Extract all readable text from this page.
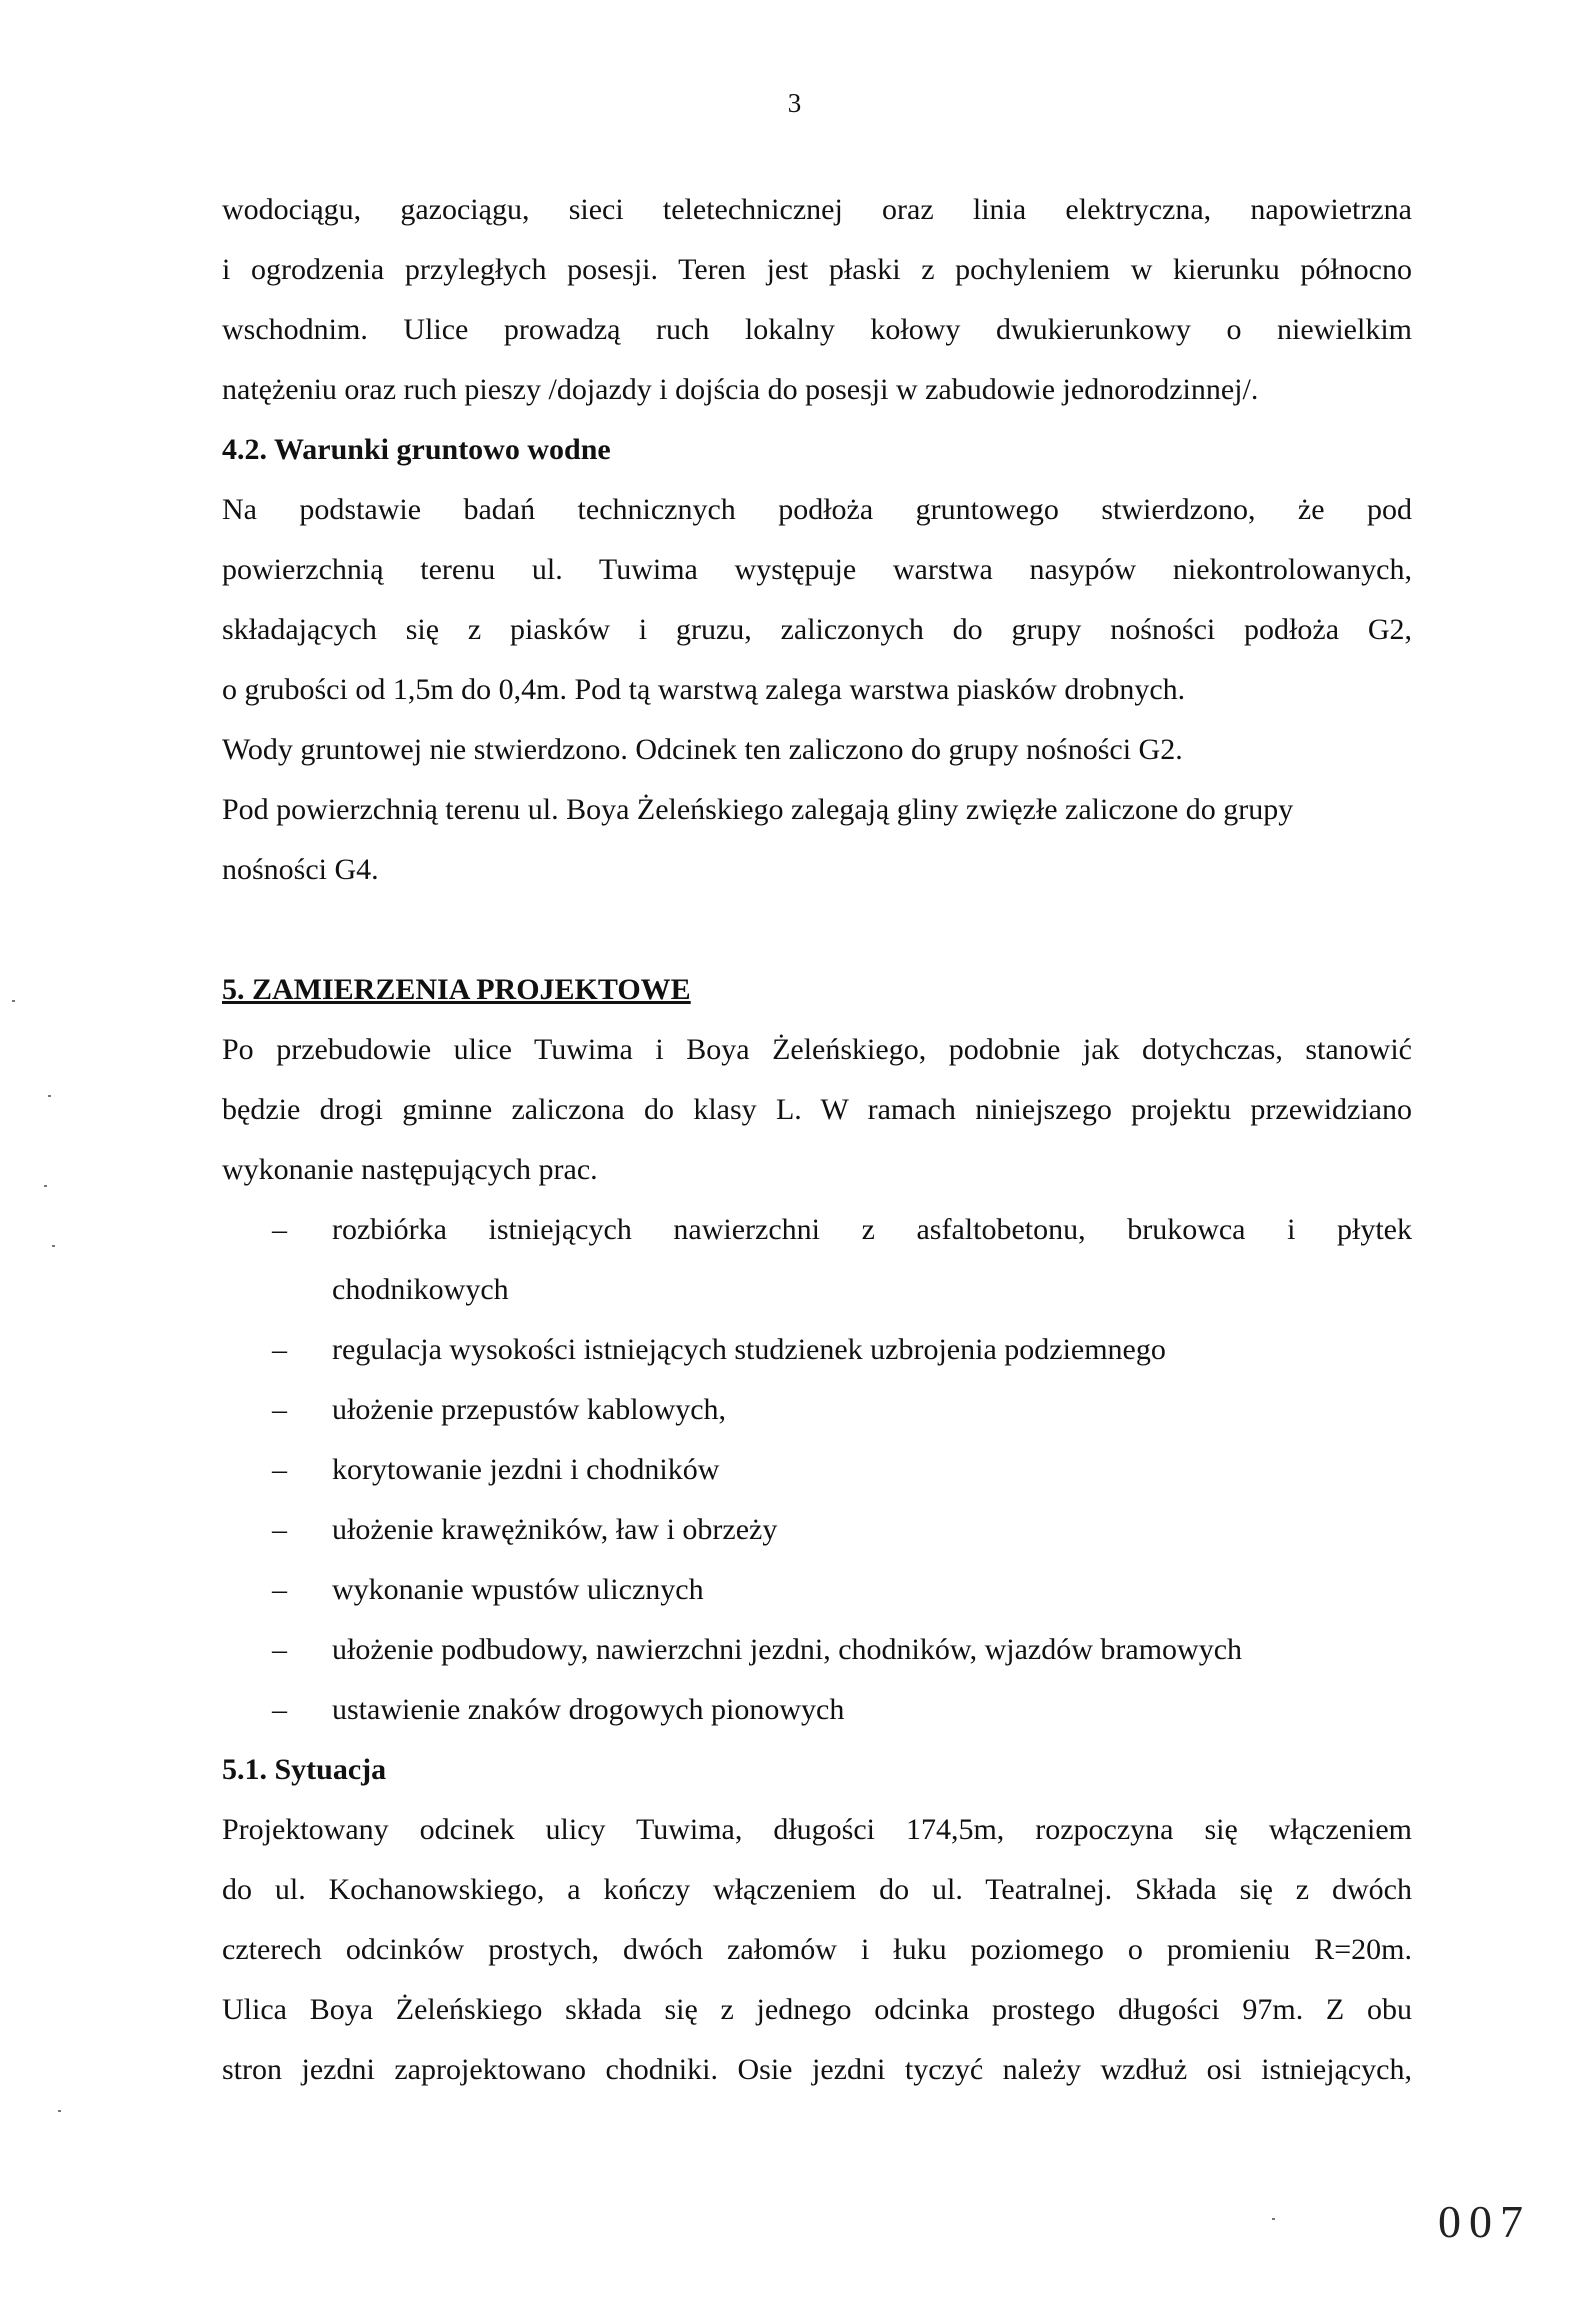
3

wodociągu, gazociągu, sieci teletechnicznej oraz linia elektryczna, napowietrzna

i ogrodzenia przyległych posesji. Teren jest płaski z pochyleniem w kierunku północno

wschodnim. Ulice prowadzą ruch lokalny kołowy dwukierunkowy o niewielkim

natężeniu oraz ruch pieszy /dojazdy i dojścia do posesji w zabudowie jednorodzinnej/.

4.2. Warunki gruntowo wodne

Na podstawie badań technicznych podłoża gruntowego stwierdzono, że pod

powierzchnią terenu ul. Tuwima występuje warstwa nasypów niekontrolowanych,

składających się z piasków i gruzu, zaliczonych do grupy nośności podłoża G2,

o grubości od 1,5m do 0,4m. Pod tą warstwą zalega warstwa piasków drobnych.

Wody gruntowej nie stwierdzono. Odcinek ten zaliczono do grupy nośności G2.

Pod powierzchnią terenu ul. Boya Żeleńskiego zalegają gliny zwięzłe zaliczone do grupy

nośności G4.

5. ZAMIERZENIA PROJEKTOWE

Po przebudowie ulice Tuwima i Boya Żeleńskiego, podobnie jak dotychczas, stanowić

będzie drogi gminne zaliczona do klasy L. W ramach niniejszego projektu przewidziano

wykonanie następujących prac.

– rozbiórka istniejących nawierzchni z asfaltobetonu, brukowca i płytek

chodnikowych

– regulacja wysokości istniejących studzienek uzbrojenia podziemnego

– ułożenie przepustów kablowych,

– korytowanie jezdni i chodników

– ułożenie krawężników, ław i obrzeży

– wykonanie wpustów ulicznych

– ułożenie podbudowy, nawierzchni jezdni, chodników, wjazdów bramowych

– ustawienie znaków drogowych pionowych

5.1. Sytuacja

Projektowany odcinek ulicy Tuwima, długości 174,5m, rozpoczyna się włączeniem

do ul. Kochanowskiego, a kończy włączeniem do ul. Teatralnej. Składa się z dwóch

czterech odcinków prostych, dwóch załomów i łuku poziomego o promieniu R=20m.

Ulica Boya Żeleńskiego składa się z jednego odcinka prostego długości 97m. Z obu

stron jezdni zaprojektowano chodniki. Osie jezdni tyczyć należy wzdłuż osi istniejących,

007
